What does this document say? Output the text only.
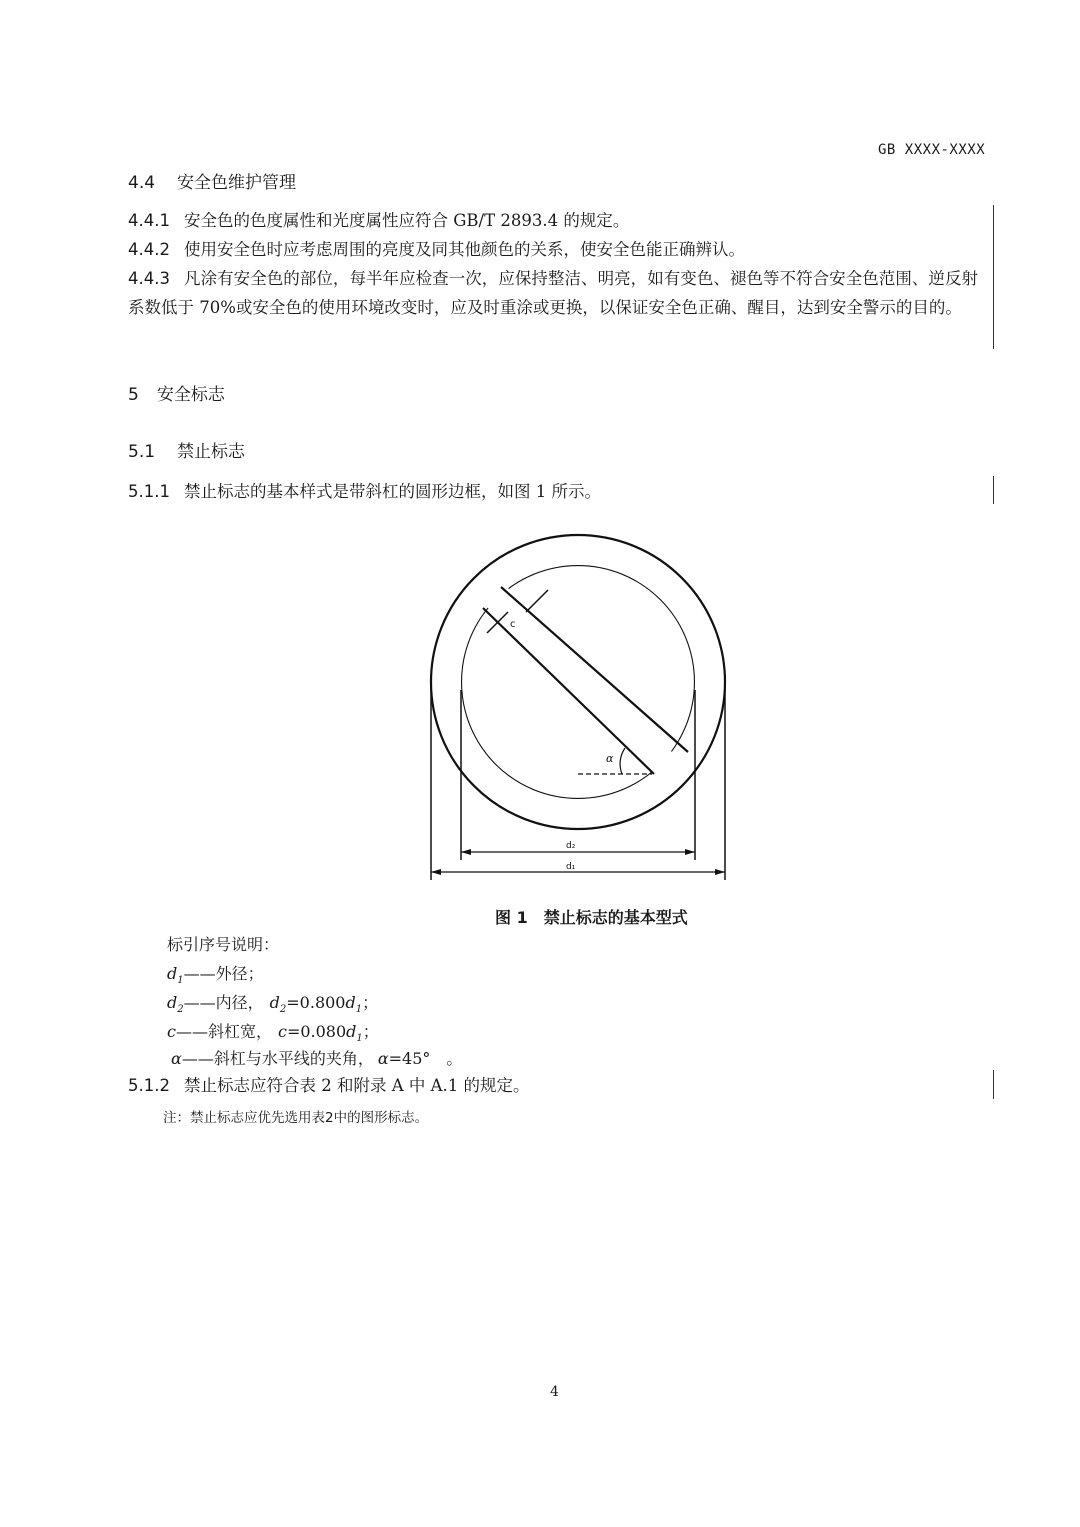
GB XXXX-XXXX
4.4 安全色维护管理
4.4.1 安全色的色度属性和光度属性应符合 GB/T 2893.4 的规定。
4.4.2 使用安全色时应考虑周围的亮度及同其他颜色的关系，使安全色能正确辨认。
4.4.3 凡涂有安全色的部位，每半年应检查一次，应保持整洁、明亮，如有变色、褪色等不符合安全色范围、逆反射系数低于 70%或安全色的使用环境改变时，应及时重涂或更换，以保证安全色正确、醒目，达到安全警示的目的。
5 安全标志
5.1 禁止标志
5.1.1 禁止标志的基本样式是带斜杠的圆形边框，如图 1 所示。
c
α
d₂
d₁
图 1　禁止标志的基本型式
标引序号说明：
$d_1——$外径；
$d_2——$内径， $d_2=0.800d_1$；
c——斜杠宽， $c=0.080d_1$；
α——斜杠与水平线的夹角， α=45°　。
5.1.2 禁止标志应符合表 2 和附录 A 中 A.1 的规定。
注：禁止标志应优先选用表2中的图形标志。
4
